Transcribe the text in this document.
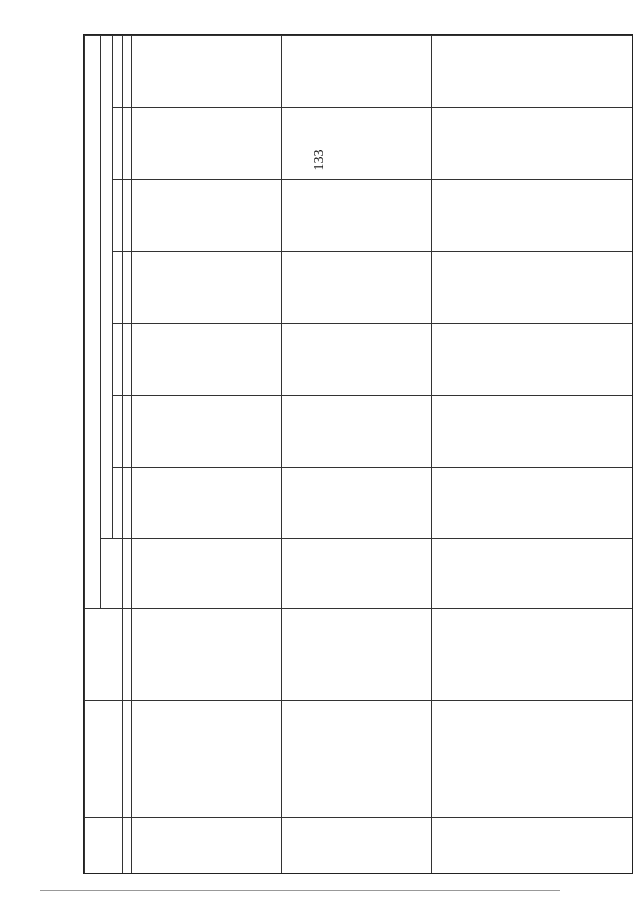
133
